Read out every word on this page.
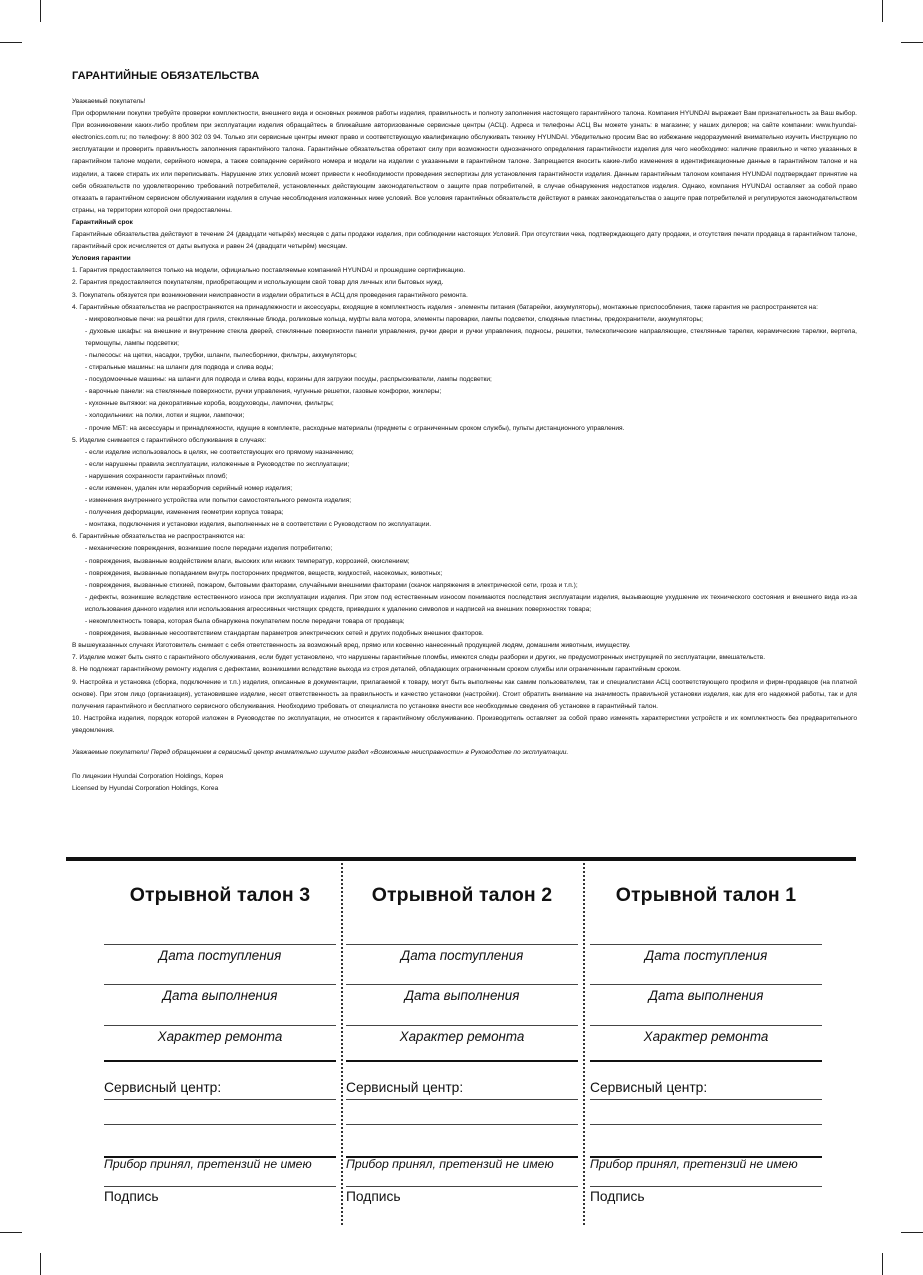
ГАРАНТИЙНЫЕ ОБЯЗАТЕЛЬСТВА

Уважаемый покупатель!

При оформлении покупки требуйте проверки комплектности, внешнего вида и основных режимов работы изделия, правильность и полноту заполнения настоящего гарантийного талона. Компания HYUNDAI выражает Вам признательность за Ваш выбор. При возникновении каких-либо проблем при эксплуатации изделия обращайтесь в ближайшие авторизованные сервисные центры (АСЦ). Адреса и телефоны АСЦ Вы можете узнать: в магазине; у наших дилеров; на сайте компании: www.hyundai-electronics.com.ru; по телефону: 8 800 302 03 94. Только эти сервисные центры имеют право и соответствующую квалификацию обслуживать технику HYUNDAI. Убедительно просим Вас во избежание недоразумений внимательно изучить Инструкцию по эксплуатации и проверить правильность заполнения гарантийного талона. Гарантийные обязательства обретают силу при возможности однозначного определения гарантийности изделия для чего необходимо: наличие правильно и четко указанных в гарантийном талоне модели, серийного номера, а также совпадение серийного номера и модели на изделии с указанными в гарантийном талоне. Запрещается вносить какие-либо изменения в идентификационные данные в гарантийном талоне и на изделии, а также стирать их или переписывать. Нарушение этих условий может привести к необходимости проведения экспертизы для установления гарантийности изделия. Данным гарантийным талоном компания HYUNDAI подтверждает принятие на себя обязательств по удовлетворению требований потребителей, установленных действующим законодательством о защите прав потребителей, в случае обнаружения недостатков изделия. Однако, компания HYUNDAI оставляет за собой право отказать в гарантийном сервисном обслуживании изделия в случае несоблюдения изложенных ниже условий. Все условия гарантийных обязательств действуют в рамках законодательства о защите прав потребителей и регулируются законодательством страны, на территории которой они предоставлены.

Гарантийный срок

Гарантийные обязательства действуют в течение 24 (двадцати четырёх) месяцев с даты продажи изделия, при соблюдении настоящих Условий. При отсутствии чека, подтверждающего дату продажи, и отсутствия печати продавца в гарантийном талоне, гарантийный срок исчисляется от даты выпуска и равен 24 (двадцати четырём) месяцам.

Условия гарантии

1. Гарантия предоставляется только на модели, официально поставляемые компанией HYUNDAI и прошедшие сертификацию.

2. Гарантия предоставляется покупателям, приобретающим и использующим свой товар для личных или бытовых нужд.

3. Покупатель обязуется при возникновении неисправности в изделии обратиться в АСЦ для проведения гарантийного ремонта.

4. Гарантийные обязательства не распространяются на принадлежности и аксессуары, входящие в комплектность изделия - элементы питания (батарейки, аккумуляторы), монтажные приспособления, также гарантия не распространяется на:

- микроволновые печи: на решётки для гриля, стеклянные блюда, роликовые кольца, муфты вала мотора, элементы пароварки, лампы подсветки, слюдяные пластины, предохранители, аккумуляторы;

- духовые шкафы: на внешние и внутренние стекла дверей, стеклянные поверхности панели управления, ручки двери и ручки управления, подносы, решетки, телескопические направляющие, стеклянные тарелки, керамические тарелки, вертела, термощупы, лампы подсветки;

- пылесосы: на щетки, насадки, трубки, шланги, пылесборники, фильтры, аккумуляторы;

- стиральные машины: на шланги для подвода и слива воды;

- посудомоечные машины: на шланги для подвода и слива воды, корзины для загрузки посуды, распрыскиватели, лампы подсветки;

- варочные панели: на стеклянные поверхности, ручки управления, чугунные решетки, газовые конфорки, жиклеры;

- кухонные вытяжки: на декоративные короба, воздуховоды, лампочки, фильтры;

- холодильники: на полки, лотки и ящики, лампочки;

- прочие МБТ: на аксессуары и принадлежности, идущие в комплекте, расходные материалы (предметы с ограниченным сроком службы), пульты дистанционного управления.

5. Изделие снимается с гарантийного обслуживания в случаях:

- если изделие использовалось в целях, не соответствующих его прямому назначению;

- если нарушены правила эксплуатации, изложенные в Руководстве по эксплуатации;

- нарушения сохранности гарантийных пломб;

- если изменен, удален или неразборчив серийный номер изделия;

- изменения внутреннего устройства или попытки самостоятельного ремонта изделия;

- получения деформации, изменения геометрии корпуса товара;

- монтажа, подключения и установки изделия, выполненных не в соответствии с Руководством по эксплуатации.

6. Гарантийные обязательства не распространяются на:

- механические повреждения, возникшие после передачи изделия потребителю;

- повреждения, вызванные воздействием влаги, высоких или низких температур, коррозией, окислением;

- повреждения, вызванные попаданием внутрь посторонних предметов, веществ, жидкостей, насекомых, животных;

- повреждения, вызванные стихией, пожаром, бытовыми факторами, случайными внешними факторами (скачок напряжения в электрической сети, гроза и т.п.);

- дефекты, возникшие вследствие естественного износа при эксплуатации изделия. При этом под естественным износом понимаются последствия эксплуатации изделия, вызывающие ухудшение их технического состояния и внешнего вида из-за использования данного изделия или использования агрессивных чистящих средств, приведших к удалению символов и надписей на внешних поверхностях товара;

- некомплектность товара, которая была обнаружена покупателем после передачи товара от продавца;

- повреждения, вызванные несоответствием стандартам параметров электрических сетей и других подобных внешних факторов.

В вышеуказанных случаях Изготовитель снимает с себя ответственность за возможный вред, прямо или косвенно нанесенный продукцией людям, домашним животным, имуществу.

7. Изделие может быть снято с гарантийного обслуживания, если будет установлено, что нарушены гарантийные пломбы, имеются следы разборки и других, не предусмотренных инструкцией по эксплуатации, вмешательств.

8. Не подлежат гарантийному ремонту изделия с дефектами, возникшими вследствие выхода из строя деталей, обладающих ограниченным сроком службы или ограниченным гарантийным сроком.

9. Настройка и установка (сборка, подключение и т.п.) изделия, описанные в документации, прилагаемой к товару, могут быть выполнены как самим пользователем, так и специалистами АСЦ соответствующего профиля и фирм-продавцов (на платной основе). При этом лицо (организация), установившее изделие, несет ответственность за правильность и качество установки (настройки). Стоит обратить внимание на значимость правильной установки изделия, как для его надежной работы, так и для получения гарантийного и бесплатного сервисного обслуживания. Необходимо требовать от специалиста по установке внести все необходимые сведения об установке в гарантийный талон.

10. Настройка изделия, порядок которой изложен в Руководстве по эксплуатации, не относится к гарантийному обслуживанию. Производитель оставляет за собой право изменять характеристики устройств и их комплектность без предварительного уведомления.

Уважаемые покупатели! Перед обращением в сервисный центр внимательно изучите раздел «Возможные неисправности» в Руководстве по эксплуатации.

По лицензии Hyundai Corporation Holdings, Корея

Licensed by Hyundai Corporation Holdings, Korea

Отрывной талон 3
Дата поступления
Дата выполнения
Характер ремонта
Сервисный центр:
Прибор принял, претензий не имею
Подпись
Отрывной талон 2
Дата поступления
Дата выполнения
Характер ремонта
Сервисный центр:
Прибор принял, претензий не имею
Подпись
Отрывной талон 1
Дата поступления
Дата выполнения
Характер ремонта
Сервисный центр:
Прибор принял, претензий не имею
Подпись
